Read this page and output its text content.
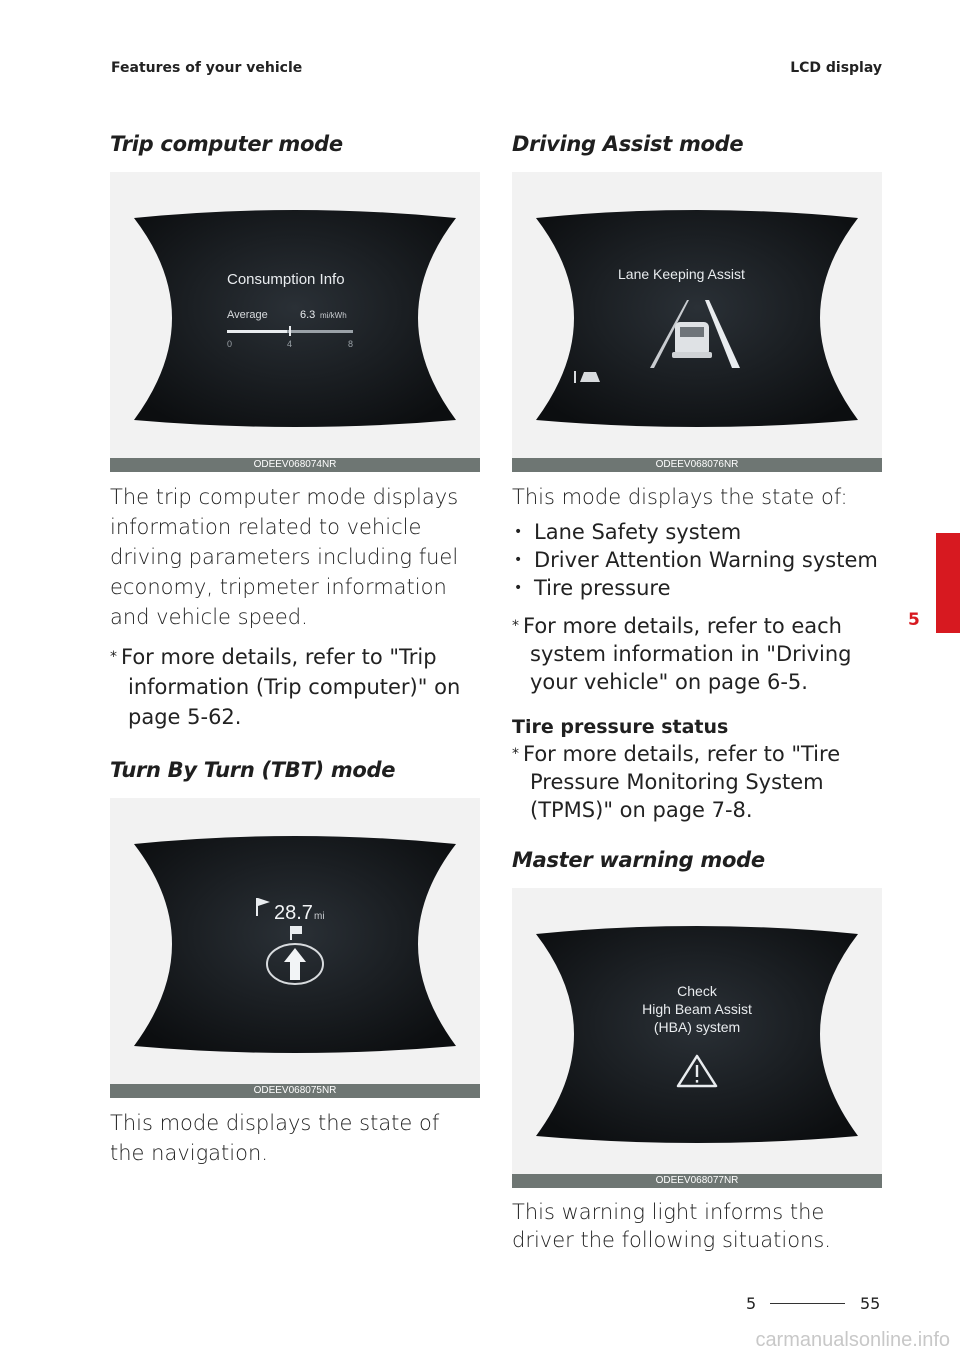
Features of your vehicle	LCD display
Trip computer mode
Consumption Info
Average	6.3 mi/kWh
0	4	8
ODEEV068074NR

The trip computer mode displays information related to vehicle driving parameters including fuel economy, tripmeter information and vehicle speed.

* For more details, refer to "Trip information (Trip computer)" on page 5-62.

Turn By Turn (TBT) mode
28.7 mi
ODEEV068075NR

This mode displays the state of the navigation.

Driving Assist mode
Lane Keeping Assist
ODEEV068076NR

This mode displays the state of:

• Lane Safety system
• Driver Attention Warning system
• Tire pressure

* For more details, refer to each system information in "Driving your vehicle" on page 6-5.

Tire pressure status

* For more details, refer to "Tire Pressure Monitoring System (TPMS)" on page 7-8.

Master warning mode
Check
High Beam Assist
(HBA) system
ODEEV068077NR

This warning light informs the driver the following situations.

5
5	55
carmanualsonline.info
